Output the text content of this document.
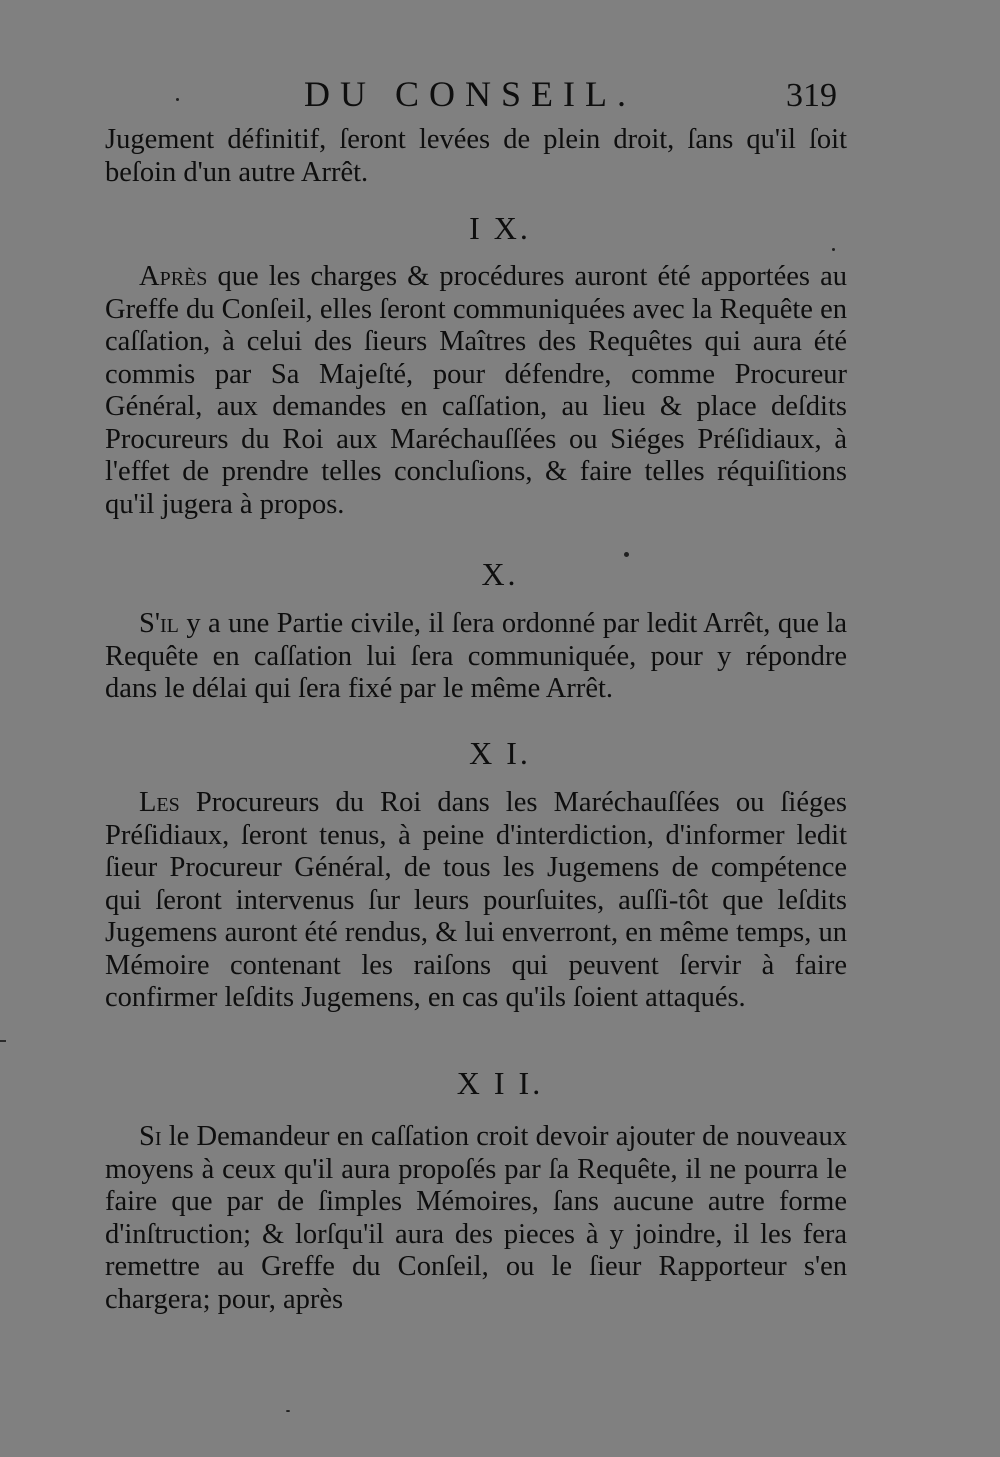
DU CONSEIL.	319

Jugement définitif, ſeront levées de plein droit, ſans qu'il ſoit beſoin d'un autre Arrêt.

I X.

Après que les charges & procédures auront été apportées au Greffe du Conſeil, elles ſeront communiquées avec la Requête en caſſation, à celui des ſieurs Maîtres des Requêtes qui aura été commis par Sa Majeſté, pour défendre, comme Procureur Général, aux demandes en caſſation, au lieu & place deſdits Procureurs du Roi aux Maréchauſſées ou Siéges Préſidiaux, à l'effet de prendre telles concluſions, & faire telles réquiſitions qu'il jugera à propos.

X.

S'il y a une Partie civile, il ſera ordonné par ledit Arrêt, que la Requête en caſſation lui ſera communiquée, pour y répondre dans le délai qui ſera fixé par le même Arrêt.

X I.

Les Procureurs du Roi dans les Maréchauſſées ou ſiéges Préſidiaux, ſeront tenus, à peine d'interdiction, d'informer ledit ſieur Procureur Général, de tous les Jugemens de compétence qui ſeront intervenus ſur leurs pourſuites, auſſi-tôt que leſdits Jugemens auront été rendus, & lui enverront, en même temps, un Mémoire contenant les raiſons qui peuvent ſervir à faire confirmer leſdits Jugemens, en cas qu'ils ſoient attaqués.

X I I.

Si le Demandeur en caſſation croit devoir ajouter de nouveaux moyens à ceux qu'il aura propoſés par ſa Requête, il ne pourra le faire que par de ſimples Mémoires, ſans aucune autre forme d'inſtruction; & lorſqu'il aura des pieces à y joindre, il les fera remettre au Greffe du Conſeil, ou le ſieur Rapporteur s'en chargera; pour, après
